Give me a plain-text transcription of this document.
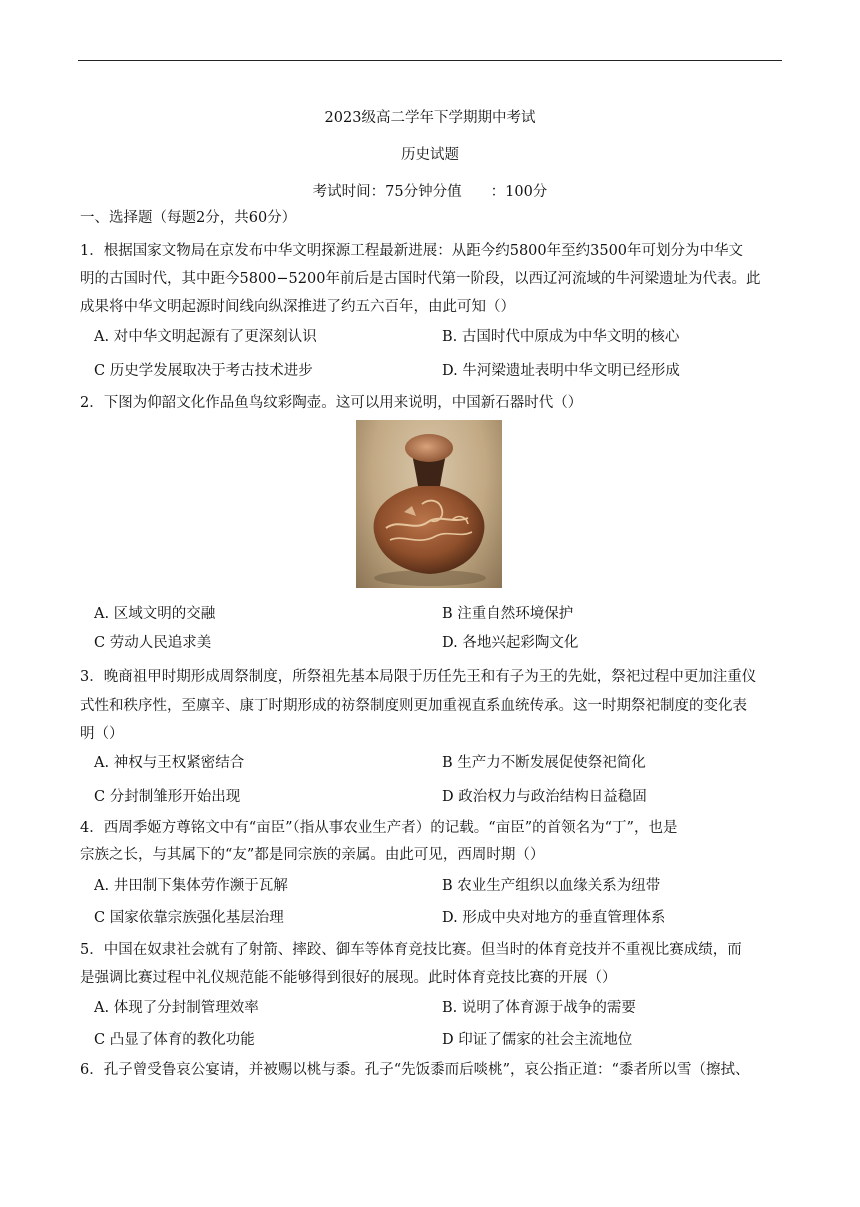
2023级高二学年下学期期中考试
历史试题
考试时间：75分钟分值　　：100分
一、选择题（每题2分，共60分）
1．根据国家文物局在京发布中华文明探源工程最新进展：从距今约5800年至约3500年可划分为中华文
明的古国时代，其中距今5800−5200年前后是古国时代第一阶段，以西辽河流域的牛河梁遗址为代表。此
成果将中华文明起源时间线向纵深推进了约五六百年，由此可知（）
A. 对中华文明起源有了更深刻认识	B. 古国时代中原成为中华文明的核心
C 历史学发展取决于考古技术进步	D. 牛河梁遗址表明中华文明已经形成
2．下图为仰韶文化作品鱼鸟纹彩陶壶。这可以用来说明，中国新石器时代（）
A. 区域文明的交融	B 注重自然环境保护
C 劳动人民追求美	D. 各地兴起彩陶文化
3．晚商祖甲时期形成周祭制度，所祭祖先基本局限于历任先王和有子为王的先妣，祭祀过程中更加注重仪
式性和秩序性，至廪辛、康丁时期形成的祊祭制度则更加重视直系血统传承。这一时期祭祀制度的变化表
明（）
A. 神权与王权紧密结合	B 生产力不断发展促使祭祀简化
C 分封制雏形开始出现	D 政治权力与政治结构日益稳固
4．西周季姬方尊铭文中有“亩臣”（指从事农业生产者）的记载。“亩臣”的首领名为“丁”，也是
宗族之长，与其属下的“友”都是同宗族的亲属。由此可见，西周时期（）
A. 井田制下集体劳作濒于瓦解	B 农业生产组织以血缘关系为纽带
C 国家依靠宗族强化基层治理	D. 形成中央对地方的垂直管理体系
5．中国在奴隶社会就有了射箭、摔跤、御车等体育竞技比赛。但当时的体育竞技并不重视比赛成绩，而
是强调比赛过程中礼仪规范能不能够得到很好的展现。此时体育竞技比赛的开展（）
A. 体现了分封制管理效率	B. 说明了体育源于战争的需要
C 凸显了体育的教化功能	D 印证了儒家的社会主流地位
6．孔子曾受鲁哀公宴请，并被赐以桃与黍。孔子“先饭黍而后啖桃”，哀公指正道：“黍者所以雪（擦拭、
